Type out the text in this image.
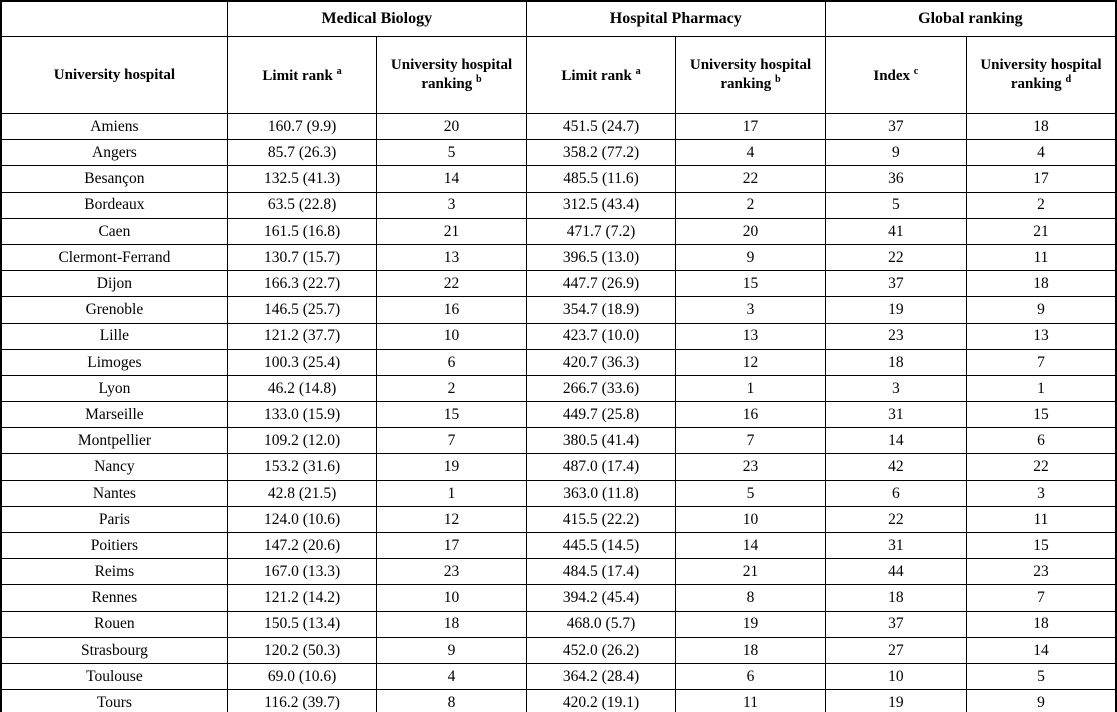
	Medical Biology		Hospital Pharmacy		Global ranking	
University hospital	Limit rank $^a$	University hospital ranking $^b$	Limit rank $^a$	University hospital ranking $^b$	Index $^c$	University hospital ranking $^d$
Amiens	160.7 (9.9)	20	451.5 (24.7)	17	37	18
Angers	85.7 (26.3)	5	358.2 (77.2)	4	9	4
Besançon	132.5 (41.3)	14	485.5 (11.6)	22	36	17
Bordeaux	63.5 (22.8)	3	312.5 (43.4)	2	5	2
Caen	161.5 (16.8)	21	471.7 (7.2)	20	41	21
Clermont-Ferrand	130.7 (15.7)	13	396.5 (13.0)	9	22	11
Dijon	166.3 (22.7)	22	447.7 (26.9)	15	37	18
Grenoble	146.5 (25.7)	16	354.7 (18.9)	3	19	9
Lille	121.2 (37.7)	10	423.7 (10.0)	13	23	13
Limoges	100.3 (25.4)	6	420.7 (36.3)	12	18	7
Lyon	46.2 (14.8)	2	266.7 (33.6)	1	3	1
Marseille	133.0 (15.9)	15	449.7 (25.8)	16	31	15
Montpellier	109.2 (12.0)	7	380.5 (41.4)	7	14	6
Nancy	153.2 (31.6)	19	487.0 (17.4)	23	42	22
Nantes	42.8 (21.5)	1	363.0 (11.8)	5	6	3
Paris	124.0 (10.6)	12	415.5 (22.2)	10	22	11
Poitiers	147.2 (20.6)	17	445.5 (14.5)	14	31	15
Reims	167.0 (13.3)	23	484.5 (17.4)	21	44	23
Rennes	121.2 (14.2)	10	394.2 (45.4)	8	18	7
Rouen	150.5 (13.4)	18	468.0 (5.7)	19	37	18
Strasbourg	120.2 (50.3)	9	452.0 (26.2)	18	27	14
Toulouse	69.0 (10.6)	4	364.2 (28.4)	6	10	5
Tours	116.2 (39.7)	8	420.2 (19.1)	11	19	9
